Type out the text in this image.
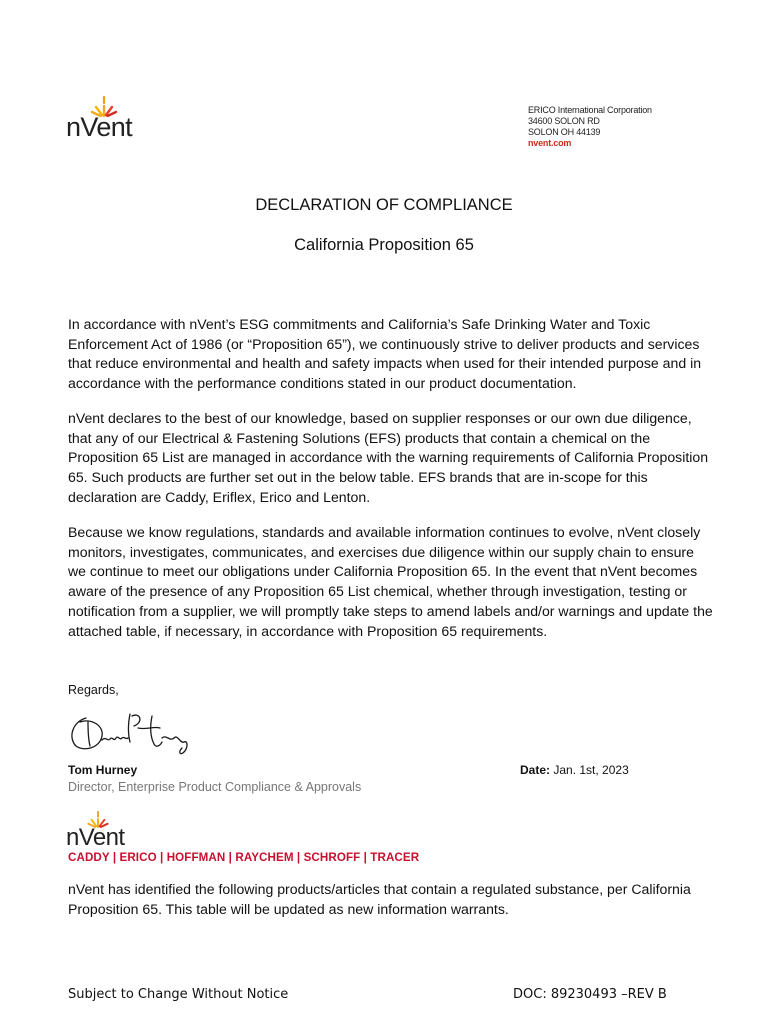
nVent
ERICO International Corporation
34600 SOLON RD
SOLON OH 44139
nvent.com
DECLARATION OF COMPLIANCE
California Proposition 65
In accordance with nVent’s ESG commitments and California’s Safe Drinking Water and Toxic
Enforcement Act of 1986 (or “Proposition 65”), we continuously strive to deliver products and services
that reduce environmental and health and safety impacts when used for their intended purpose and in
accordance with the performance conditions stated in our product documentation.
nVent declares to the best of our knowledge, based on supplier responses or our own due diligence,
that any of our Electrical & Fastening Solutions (EFS) products that contain a chemical on the
Proposition 65 List are managed in accordance with the warning requirements of California Proposition
65. Such products are further set out in the below table. EFS brands that are in-scope for this
declaration are Caddy, Eriflex, Erico and Lenton.
Because we know regulations, standards and available information continues to evolve, nVent closely
monitors, investigates, communicates, and exercises due diligence within our supply chain to ensure
we continue to meet our obligations under California Proposition 65. In the event that nVent becomes
aware of the presence of any Proposition 65 List chemical, whether through investigation, testing or
notification from a supplier, we will promptly take steps to amend labels and/or warnings and update the
attached table, if necessary, in accordance with Proposition 65 requirements.
Regards,
Tom Hurney
Director, Enterprise Product Compliance & Approvals
Date: Jan. 1st, 2023
nVent
CADDY | ERICO | HOFFMAN | RAYCHEM | SCHROFF | TRACER
nVent has identified the following products/articles that contain a regulated substance, per California
Proposition 65. This table will be updated as new information warrants.
Subject to Change Without Notice	DOC: 89230493 –REV B
